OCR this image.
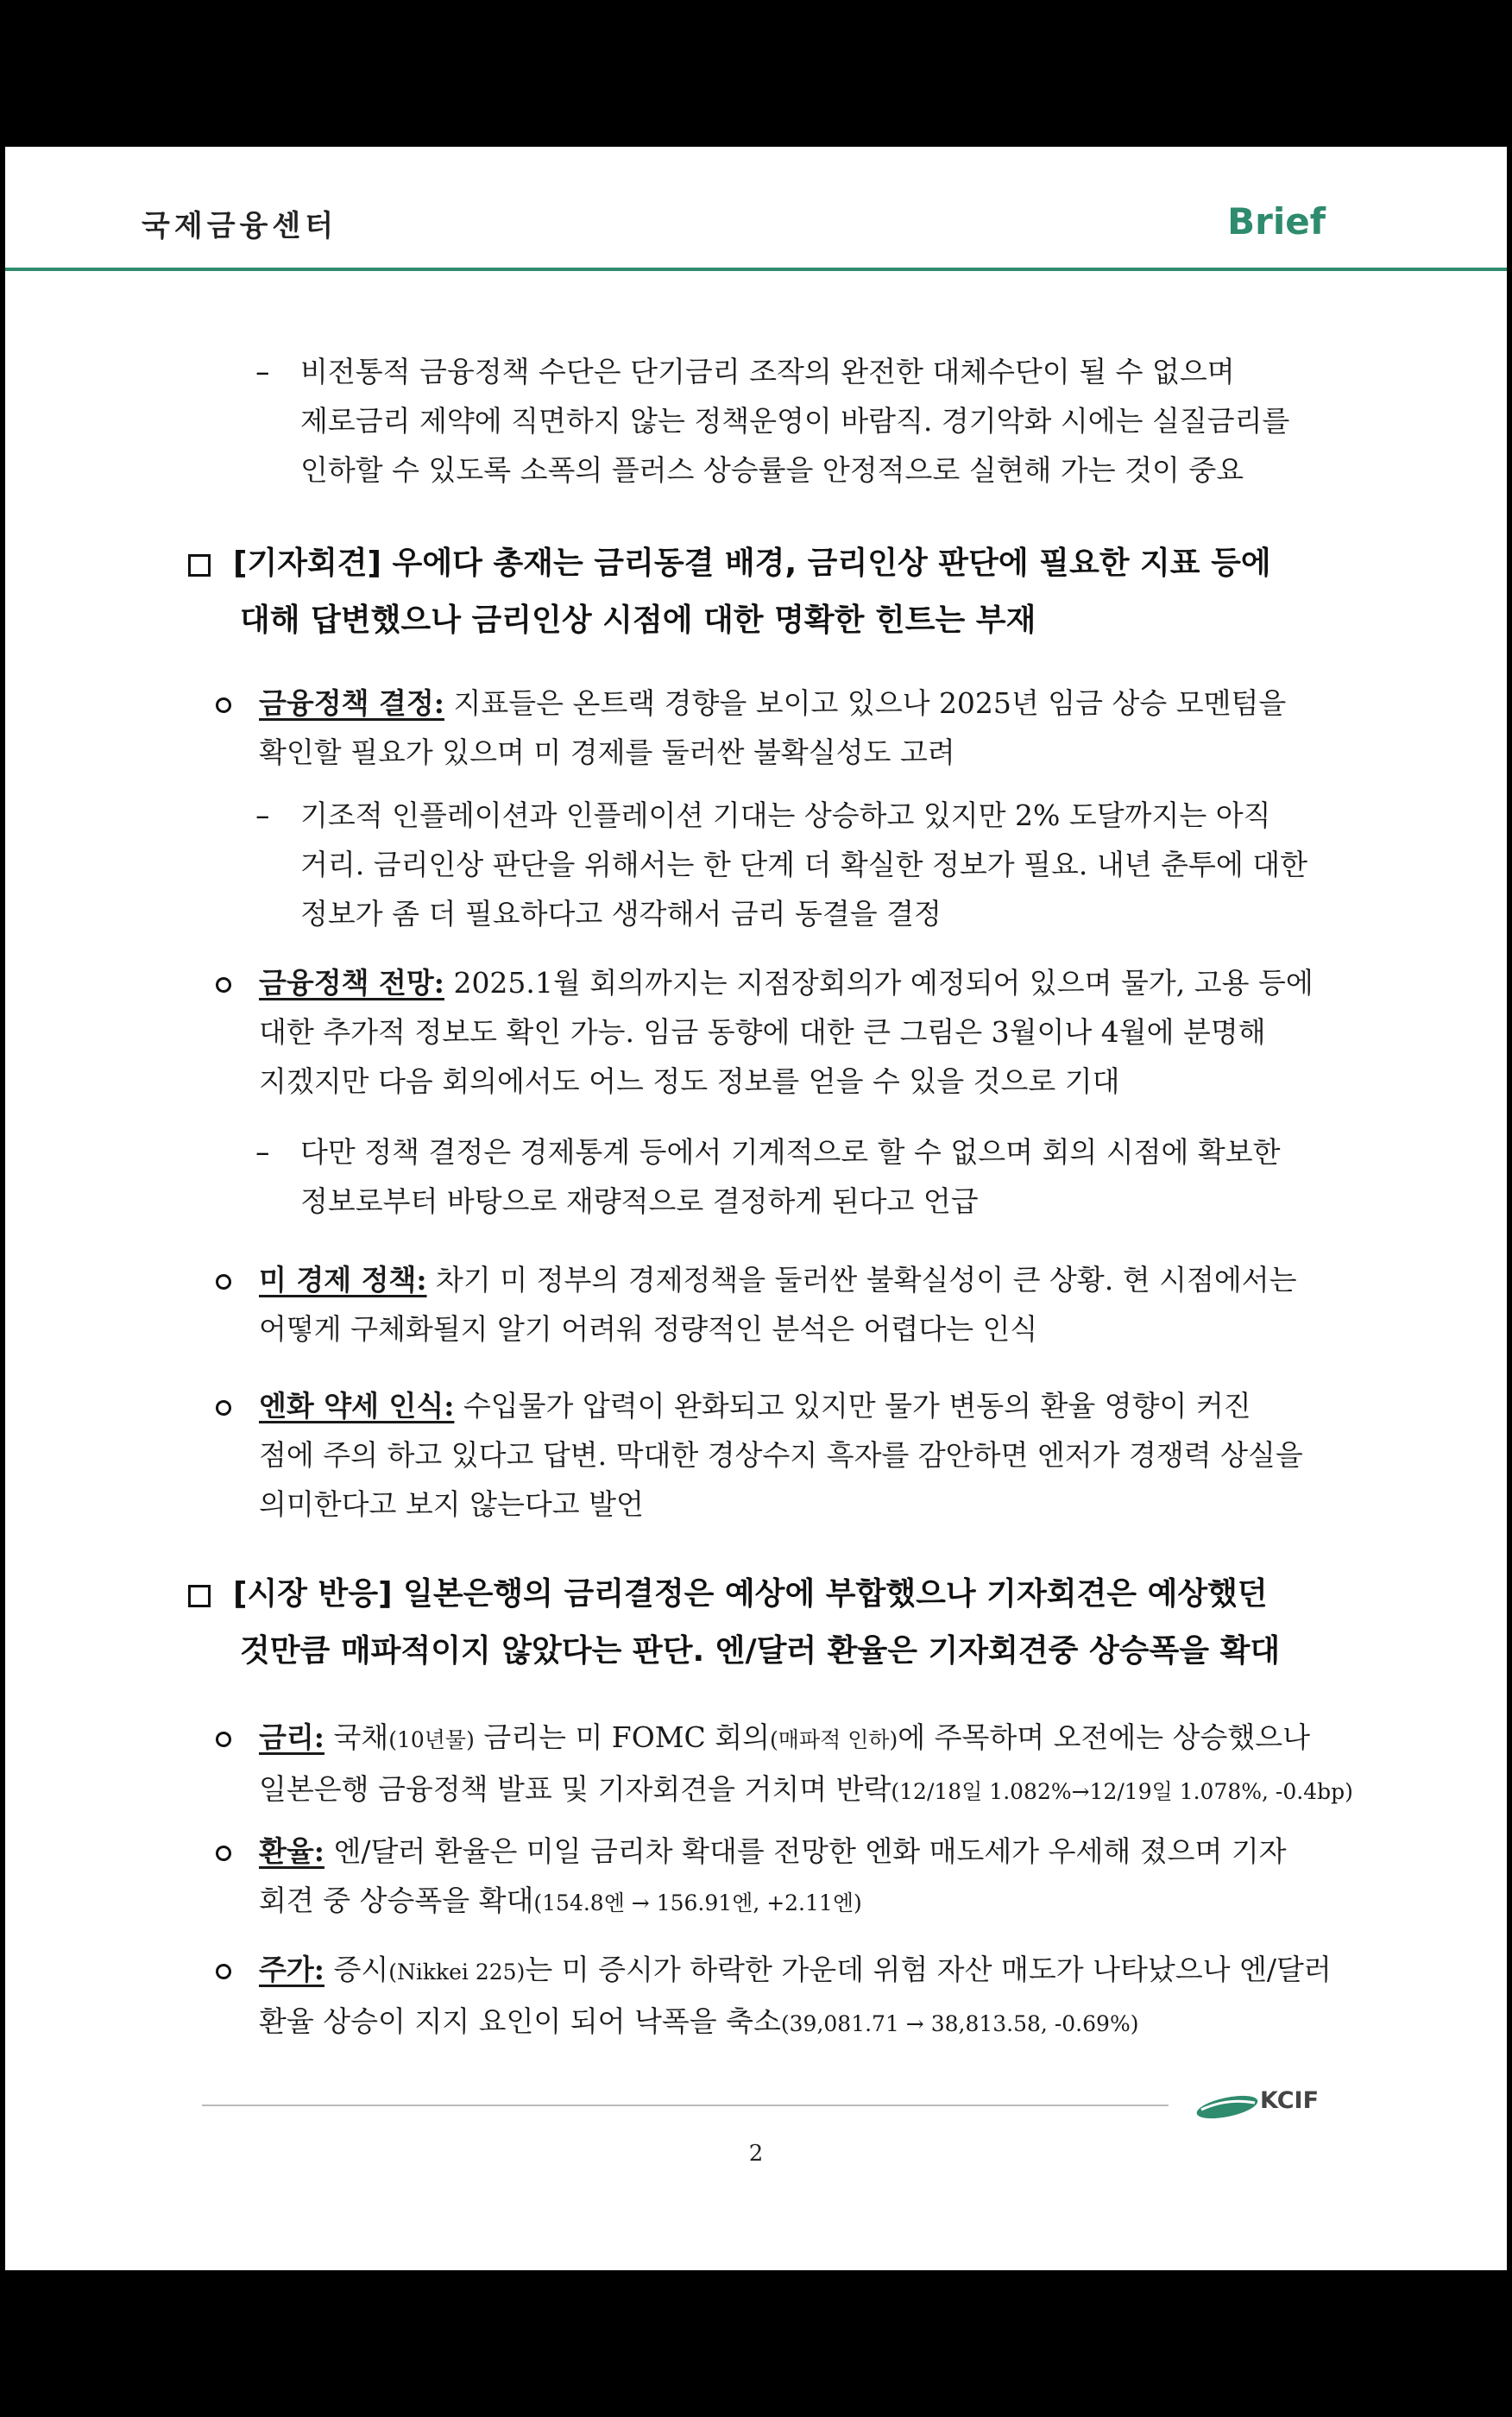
국제금융센터	Brief
– 비전통적 금융정책 수단은 단기금리 조작의 완전한 대체수단이 될 수 없으며
제로금리 제약에 직면하지 않는 정책운영이 바람직. 경기악화 시에는 실질금리를
인하할 수 있도록 소폭의 플러스 상승률을 안정적으로 실현해 가는 것이 중요
[기자회견] 우에다 총재는 금리동결 배경, 금리인상 판단에 필요한 지표 등에
대해 답변했으나 금리인상 시점에 대한 명확한 힌트는 부재
금융정책 결정: 지표들은 온트랙 경향을 보이고 있으나 2025년 임금 상승 모멘텀을
확인할 필요가 있으며 미 경제를 둘러싼 불확실성도 고려
– 기조적 인플레이션과 인플레이션 기대는 상승하고 있지만 2% 도달까지는 아직
거리. 금리인상 판단을 위해서는 한 단계 더 확실한 정보가 필요. 내년 춘투에 대한
정보가 좀 더 필요하다고 생각해서 금리 동결을 결정
금융정책 전망: 2025.1월 회의까지는 지점장회의가 예정되어 있으며 물가, 고용 등에
대한 추가적 정보도 확인 가능. 임금 동향에 대한 큰 그림은 3월이나 4월에 분명해
지겠지만 다음 회의에서도 어느 정도 정보를 얻을 수 있을 것으로 기대
– 다만 정책 결정은 경제통계 등에서 기계적으로 할 수 없으며 회의 시점에 확보한
정보로부터 바탕으로 재량적으로 결정하게 된다고 언급
미 경제 정책: 차기 미 정부의 경제정책을 둘러싼 불확실성이 큰 상황. 현 시점에서는
어떻게 구체화될지 알기 어려워 정량적인 분석은 어렵다는 인식
엔화 약세 인식: 수입물가 압력이 완화되고 있지만 물가 변동의 환율 영향이 커진
점에 주의 하고 있다고 답변. 막대한 경상수지 흑자를 감안하면 엔저가 경쟁력 상실을
의미한다고 보지 않는다고 발언
[시장 반응] 일본은행의 금리결정은 예상에 부합했으나 기자회견은 예상했던
것만큼 매파적이지 않았다는 판단. 엔/달러 환율은 기자회견중 상승폭을 확대
금리: 국채(10년물) 금리는 미 FOMC 회의(매파적 인하)에 주목하며 오전에는 상승했으나
일본은행 금융정책 발표 및 기자회견을 거치며 반락(12/18일 1.082%→12/19일 1.078%, -0.4bp)
환율: 엔/달러 환율은 미일 금리차 확대를 전망한 엔화 매도세가 우세해 졌으며 기자
회견 중 상승폭을 확대(154.8엔 → 156.91엔, +2.11엔)
주가: 증시(Nikkei 225)는 미 증시가 하락한 가운데 위험 자산 매도가 나타났으나 엔/달러
환율 상승이 지지 요인이 되어 낙폭을 축소(39,081.71 → 38,813.58, -0.69%)
KCIF
2
